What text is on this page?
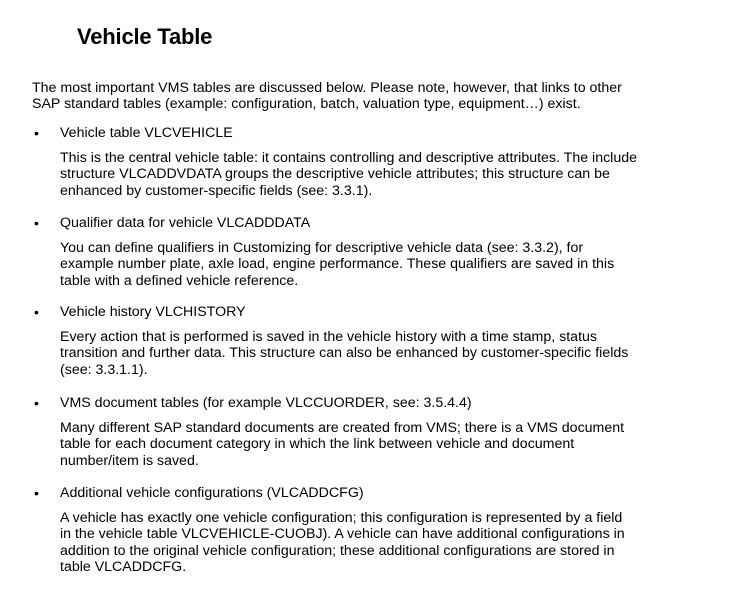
Vehicle Table
The most important VMS tables are discussed below. Please note, however, that links to other
SAP standard tables (example: configuration, batch, valuation type, equipment…) exist.
• Vehicle table VLCVEHICLE
This is the central vehicle table: it contains controlling and descriptive attributes. The include
structure VLCADDVDATA groups the descriptive vehicle attributes; this structure can be
enhanced by customer-specific fields (see: 3.3.1).
• Qualifier data for vehicle VLCADDDATA
You can define qualifiers in Customizing for descriptive vehicle data (see: 3.3.2), for
example number plate, axle load, engine performance. These qualifiers are saved in this
table with a defined vehicle reference.
• Vehicle history VLCHISTORY
Every action that is performed is saved in the vehicle history with a time stamp, status
transition and further data. This structure can also be enhanced by customer-specific fields
(see: 3.3.1.1).
• VMS document tables (for example VLCCUORDER, see: 3.5.4.4)
Many different SAP standard documents are created from VMS; there is a VMS document
table for each document category in which the link between vehicle and document
number/item is saved.
• Additional vehicle configurations (VLCADDCFG)
A vehicle has exactly one vehicle configuration; this configuration is represented by a field
in the vehicle table VLCVEHICLE-CUOBJ). A vehicle can have additional configurations in
addition to the original vehicle configuration; these additional configurations are stored in
table VLCADDCFG.
